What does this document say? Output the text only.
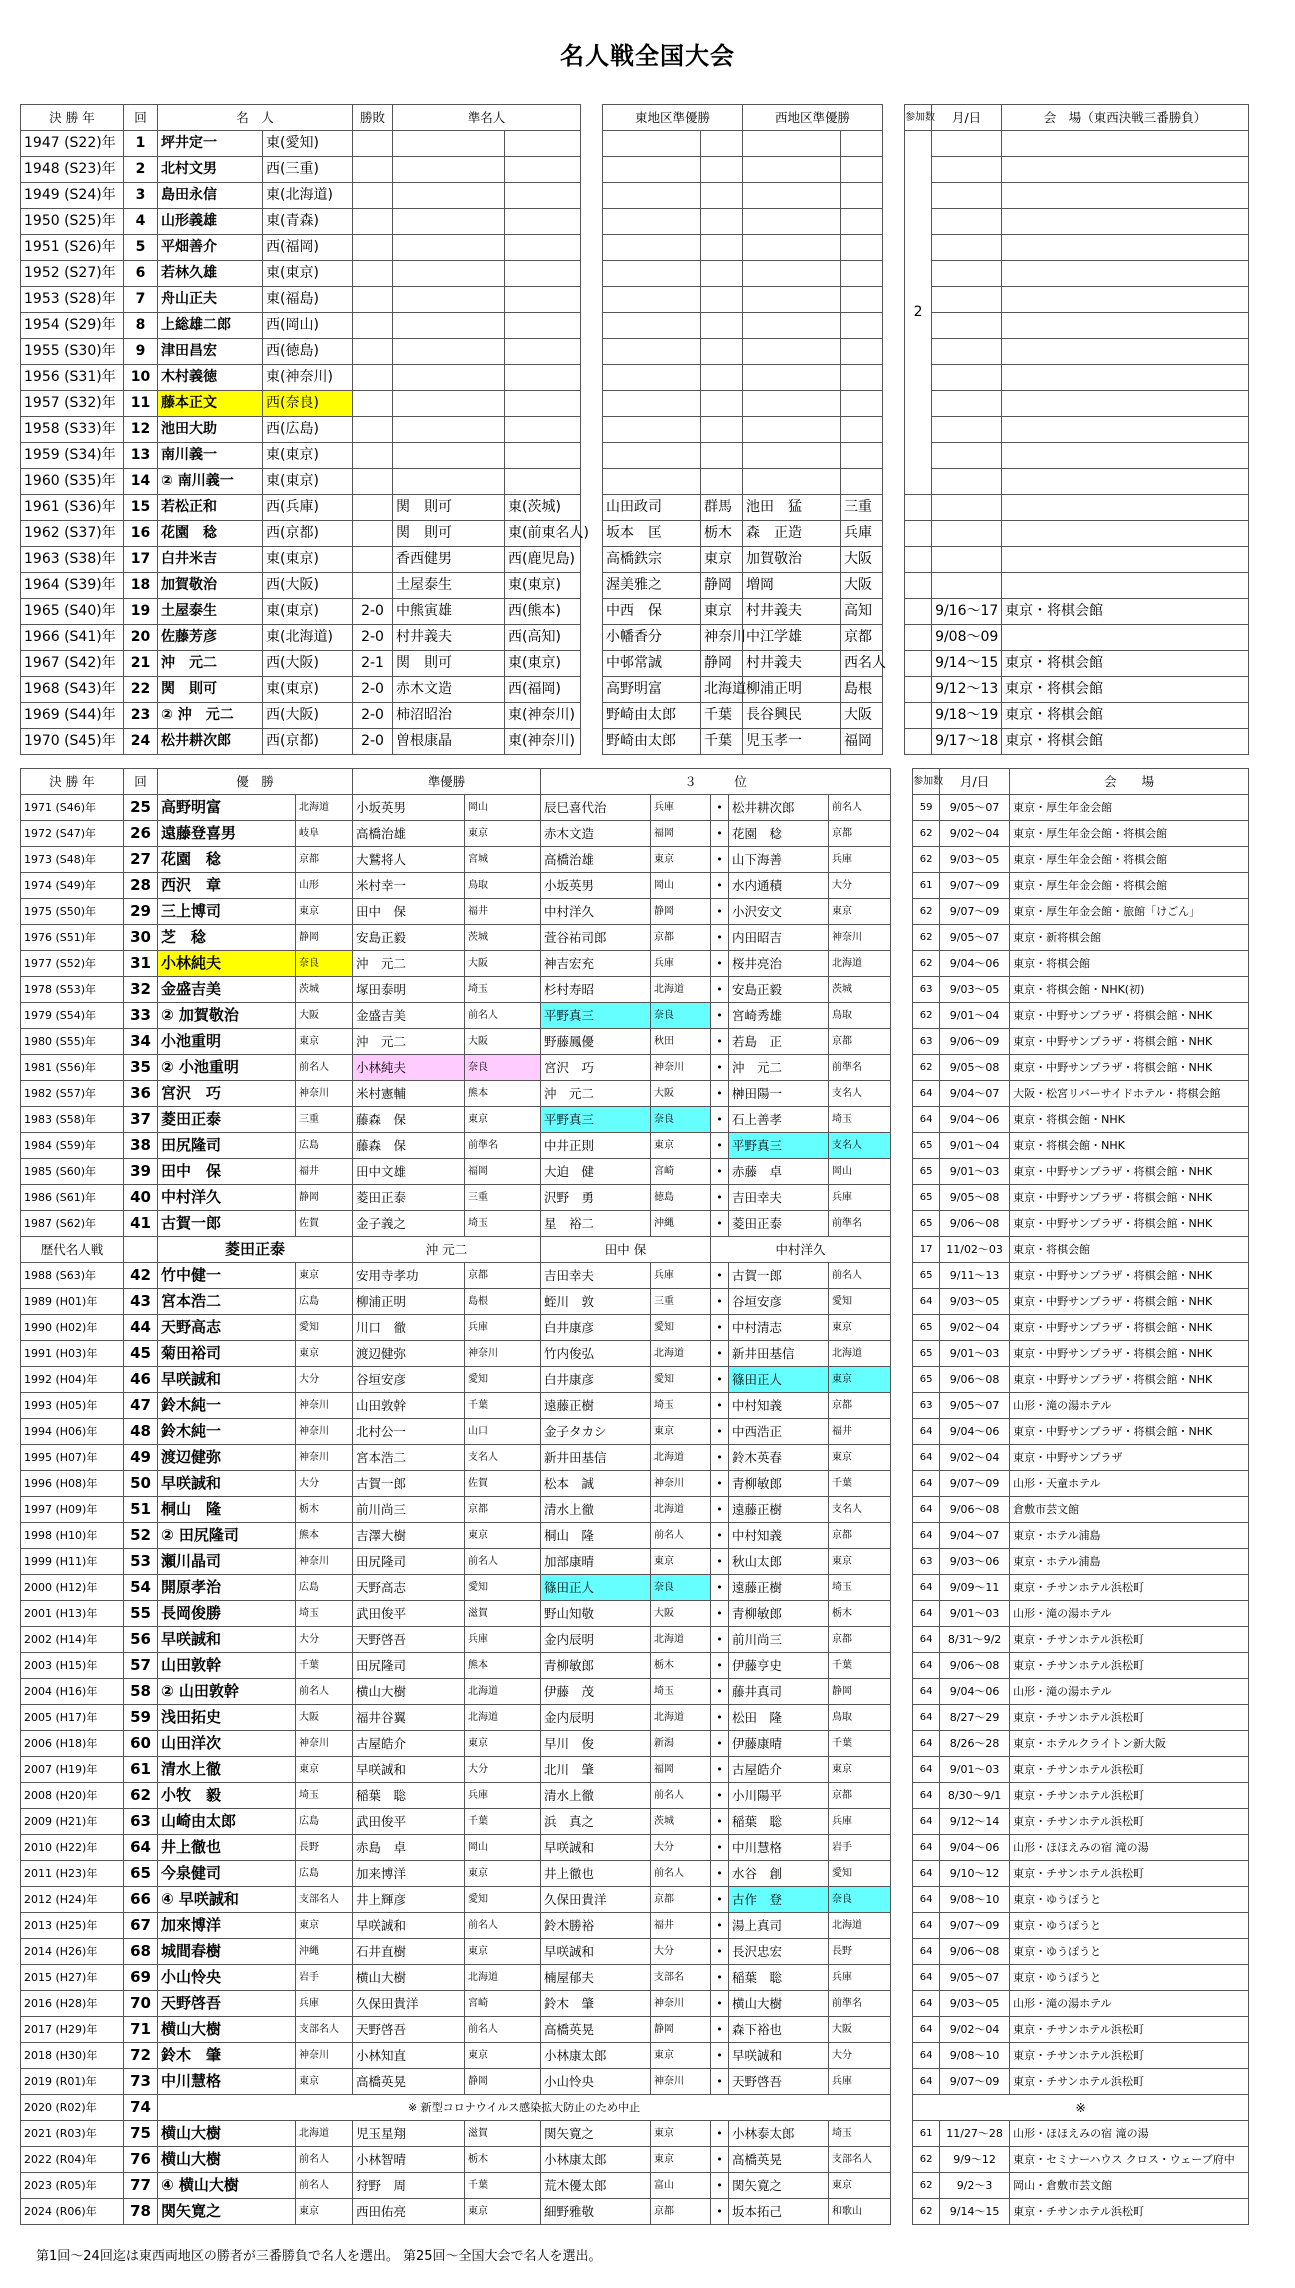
名人戦全国大会
決 勝 年	回	名　人		勝敗	準名人			東地区準優勝		西地区準優勝			参加数	月/日	会　場（東西決戦三番勝負）
1947 (S22)年	1	坪井定一	東(愛知)										2		
1948 (S23)年	2	北村文男	西(三重)												
1949 (S24)年	3	島田永信	東(北海道)												
1950 (S25)年	4	山形義雄	東(青森)												
1951 (S26)年	5	平畑善介	西(福岡)												
1952 (S27)年	6	若林久雄	東(東京)												
1953 (S28)年	7	舟山正夫	東(福島)												
1954 (S29)年	8	上総雄二郎	西(岡山)												
1955 (S30)年	9	津田昌宏	西(徳島)												
1956 (S31)年	10	木村義徳	東(神奈川)												
1957 (S32)年	11	藤本正文	西(奈良)												
1958 (S33)年	12	池田大助	西(広島)												
1959 (S34)年	13	南川義一	東(東京)												
1960 (S35)年	14	② 南川義一	東(東京)												
1961 (S36)年	15	若松正和	西(兵庫)		関　則可	東(茨城)		山田政司	群馬	池田　猛	三重				
1962 (S37)年	16	花園　稔	西(京都)		関　則可	東(前東名人)		坂本　匡	栃木	森　正造	兵庫				
1963 (S38)年	17	白井米吉	東(東京)		香西健男	西(鹿児島)		高橋鉄宗	東京	加賀敬治	大阪				
1964 (S39)年	18	加賀敬治	西(大阪)		土屋泰生	東(東京)		渥美雅之	静岡	増岡	大阪				
1965 (S40)年	19	土屋泰生	東(東京)	2-0	中熊寅雄	西(熊本)		中西　保	東京	村井義夫	高知			9/16～17	東京・将棋会館
1966 (S41)年	20	佐藤芳彦	東(北海道)	2-0	村井義夫	西(高知)		小幡香分	神奈川	中江学雄	京都			9/08～09	
1967 (S42)年	21	沖　元二	西(大阪)	2-1	関　則可	東(東京)		中邨常誠	静岡	村井義夫	西名人			9/14～15	東京・将棋会館
1968 (S43)年	22	関　則可	東(東京)	2-0	赤木文造	西(福岡)		高野明富	北海道	柳浦正明	島根			9/12～13	東京・将棋会館
1969 (S44)年	23	② 沖　元二	西(大阪)	2-0	柿沼昭治	東(神奈川)		野崎由太郎	千葉	長谷興民	大阪			9/18～19	東京・将棋会館
1970 (S45)年	24	松井耕次郎	西(京都)	2-0	曽根康晶	東(神奈川)		野崎由太郎	千葉	児玉孝一	福岡			9/17～18	東京・将棋会館
決 勝 年	回	優　勝		準優勝		３　　　位						参加数	月/日	会　　場
1971 (S46)年	25	高野明富	北海道	小坂英男	岡山	辰巳喜代治	兵庫	•	松井耕次郎	前名人		59	9/05～07	東京・厚生年金会館
1972 (S47)年	26	遠藤登喜男	岐阜	高橋治雄	東京	赤木文造	福岡	•	花園　稔	京都		62	9/02～04	東京・厚生年金会館・将棋会館
1973 (S48)年	27	花園　稔	京都	大鷲将人	宮城	高橋治雄	東京	•	山下海善	兵庫		62	9/03～05	東京・厚生年金会館・将棋会館
1974 (S49)年	28	西沢　章	山形	米村幸一	鳥取	小坂英男	岡山	•	水内通積	大分		61	9/07～09	東京・厚生年金会館・将棋会館
1975 (S50)年	29	三上博司	東京	田中　保	福井	中村洋久	静岡	•	小沢安文	東京		62	9/07～09	東京・厚生年金会館・旅館「けごん」
1976 (S51)年	30	芝　稔	静岡	安島正毅	茨城	萱谷祐司郎	京都	•	内田昭吉	神奈川		62	9/05～07	東京・新将棋会館
1977 (S52)年	31	小林純夫	奈良	沖　元二	大阪	神吉宏充	兵庫	•	桜井亮治	北海道		62	9/04～06	東京・将棋会館
1978 (S53)年	32	金盛吉美	茨城	塚田泰明	埼玉	杉村寿昭	北海道	•	安島正毅	茨城		63	9/03～05	東京・将棋会館・NHK(初)
1979 (S54)年	33	② 加賀敬治	大阪	金盛吉美	前名人	平野真三	奈良	•	宮崎秀雄	鳥取		62	9/01～04	東京・中野サンプラザ・将棋会館・NHK
1980 (S55)年	34	小池重明	東京	沖　元二	大阪	野藤鳳優	秋田	•	若島　正	京都		63	9/06～09	東京・中野サンプラザ・将棋会館・NHK
1981 (S56)年	35	② 小池重明	前名人	小林純夫	奈良	宮沢　巧	神奈川	•	沖　元二	前準名		62	9/05～08	東京・中野サンプラザ・将棋会館・NHK
1982 (S57)年	36	宮沢　巧	神奈川	米村憲輔	熊本	沖　元二	大阪	•	榊田陽一	支名人		64	9/04～07	大阪・松宮リバーサイドホテル・将棋会館
1983 (S58)年	37	菱田正泰	三重	藤森　保	東京	平野真三	奈良	•	石上善孝	埼玉		64	9/04～06	東京・将棋会館・NHK
1984 (S59)年	38	田尻隆司	広島	藤森　保	前準名	中井正則	東京	•	平野真三	支名人		65	9/01～04	東京・将棋会館・NHK
1985 (S60)年	39	田中　保	福井	田中文雄	福岡	大迫　健	宮崎	•	赤藤　卓	岡山		65	9/01～03	東京・中野サンプラザ・将棋会館・NHK
1986 (S61)年	40	中村洋久	静岡	菱田正泰	三重	沢野　勇	徳島	•	吉田幸夫	兵庫		65	9/05～08	東京・中野サンプラザ・将棋会館・NHK
1987 (S62)年	41	古賀一郎	佐賀	金子義之	埼玉	星　裕二	沖縄	•	菱田正泰	前準名		65	9/06～08	東京・中野サンプラザ・将棋会館・NHK
歴代名人戦		菱田正泰		沖 元二		田中 保		中村洋久				17	11/02～03	東京・将棋会館
1988 (S63)年	42	竹中健一	東京	安用寺孝功	京都	吉田幸夫	兵庫	•	古賀一郎	前名人		65	9/11～13	東京・中野サンプラザ・将棋会館・NHK
1989 (H01)年	43	宮本浩二	広島	柳浦正明	島根	蛭川　敦	三重	•	谷垣安彦	愛知		64	9/03～05	東京・中野サンプラザ・将棋会館・NHK
1990 (H02)年	44	天野高志	愛知	川口　徹	兵庫	白井康彦	愛知	•	中村清志	東京		65	9/02～04	東京・中野サンプラザ・将棋会館・NHK
1991 (H03)年	45	菊田裕司	東京	渡辺健弥	神奈川	竹内俊弘	北海道	•	新井田基信	北海道		65	9/01～03	東京・中野サンプラザ・将棋会館・NHK
1992 (H04)年	46	早咲誠和	大分	谷垣安彦	愛知	白井康彦	愛知	•	篠田正人	東京		65	9/06～08	東京・中野サンプラザ・将棋会館・NHK
1993 (H05)年	47	鈴木純一	神奈川	山田敦幹	千葉	遠藤正樹	埼玉	•	中村知義	京都		63	9/05～07	山形・滝の湯ホテル
1994 (H06)年	48	鈴木純一	神奈川	北村公一	山口	金子タカシ	東京	•	中西浩正	福井		64	9/04～06	東京・中野サンプラザ・将棋会館・NHK
1995 (H07)年	49	渡辺健弥	神奈川	宮本浩二	支名人	新井田基信	北海道	•	鈴木英春	東京		64	9/02～04	東京・中野サンプラザ
1996 (H08)年	50	早咲誠和	大分	古賀一郎	佐賀	松本　誠	神奈川	•	青柳敏郎	千葉		64	9/07～09	山形・天童ホテル
1997 (H09)年	51	桐山　隆	栃木	前川尚三	京都	清水上徹	北海道	•	遠藤正樹	支名人		64	9/06～08	倉敷市芸文館
1998 (H10)年	52	② 田尻隆司	熊本	吉澤大樹	東京	桐山　隆	前名人	•	中村知義	京都		64	9/04～07	東京・ホテル浦島
1999 (H11)年	53	瀬川晶司	神奈川	田尻隆司	前名人	加部康晴	東京	•	秋山太郎	東京		63	9/03～06	東京・ホテル浦島
2000 (H12)年	54	開原孝治	広島	天野高志	愛知	篠田正人	奈良	•	遠藤正樹	埼玉		64	9/09～11	東京・チサンホテル浜松町
2001 (H13)年	55	長岡俊勝	埼玉	武田俊平	滋賀	野山知敬	大阪	•	青柳敏郎	栃木		64	9/01～03	山形・滝の湯ホテル
2002 (H14)年	56	早咲誠和	大分	天野啓吾	兵庫	金内辰明	北海道	•	前川尚三	京都		64	8/31～9/2	東京・チサンホテル浜松町
2003 (H15)年	57	山田敦幹	千葉	田尻隆司	熊本	青柳敏郎	栃木	•	伊藤亨史	千葉		64	9/06～08	東京・チサンホテル浜松町
2004 (H16)年	58	② 山田敦幹	前名人	横山大樹	北海道	伊藤　茂	埼玉	•	藤井真司	静岡		64	9/04～06	山形・滝の湯ホテル
2005 (H17)年	59	浅田拓史	大阪	福井谷翼	北海道	金内辰明	北海道	•	松田　隆	鳥取		64	8/27～29	東京・チサンホテル浜松町
2006 (H18)年	60	山田洋次	神奈川	古屋皓介	東京	早川　俊	新潟	•	伊藤康晴	千葉		64	8/26～28	東京・ホテルクライトン新大阪
2007 (H19)年	61	清水上徹	東京	早咲誠和	大分	北川　肇	福岡	•	古屋皓介	東京		64	9/01～03	東京・チサンホテル浜松町
2008 (H20)年	62	小牧　毅	埼玉	稲葉　聡	兵庫	清水上徹	前名人	•	小川陽平	京都		64	8/30～9/1	東京・チサンホテル浜松町
2009 (H21)年	63	山崎由太郎	広島	武田俊平	千葉	浜　真之	茨城	•	稲葉　聡	兵庫		64	9/12～14	東京・チサンホテル浜松町
2010 (H22)年	64	井上徹也	長野	赤島　卓	岡山	早咲誠和	大分	•	中川慧格	岩手		64	9/04～06	山形・ほほえみの宿 滝の湯
2011 (H23)年	65	今泉健司	広島	加来博洋	東京	井上徹也	前名人	•	水谷　創	愛知		64	9/10～12	東京・チサンホテル浜松町
2012 (H24)年	66	④ 早咲誠和	支部名人	井上輝彦	愛知	久保田貴洋	京都	•	古作　登	奈良		64	9/08～10	東京・ゆうぽうと
2013 (H25)年	67	加來博洋	東京	早咲誠和	前名人	鈴木勝裕	福井	•	湯上真司	北海道		64	9/07～09	東京・ゆうぽうと
2014 (H26)年	68	城間春樹	沖縄	石井直樹	東京	早咲誠和	大分	•	長沢忠宏	長野		64	9/06～08	東京・ゆうぽうと
2015 (H27)年	69	小山怜央	岩手	横山大樹	北海道	楠屋郁夫	支部名	•	稲葉　聡	兵庫		64	9/05～07	東京・ゆうぽうと
2016 (H28)年	70	天野啓吾	兵庫	久保田貴洋	宮崎	鈴木　肇	神奈川	•	横山大樹	前準名		64	9/03～05	山形・滝の湯ホテル
2017 (H29)年	71	横山大樹	支部名人	天野啓吾	前名人	高橋英晃	静岡	•	森下裕也	大阪		64	9/02～04	東京・チサンホテル浜松町
2018 (H30)年	72	鈴木　肇	神奈川	小林知直	東京	小林康太郎	東京	•	早咲誠和	大分		64	9/08～10	東京・チサンホテル浜松町
2019 (R01)年	73	中川慧格	東京	高橋英晃	静岡	小山怜央	神奈川	•	天野啓吾	兵庫		64	9/07～09	東京・チサンホテル浜松町
2020 (R02)年	74	※ 新型コロナウイルス感染拡大防止のため中止										※		
2021 (R03)年	75	横山大樹	北海道	児玉星翔	滋賀	関矢寛之	東京	•	小林泰太郎	埼玉		61	11/27～28	山形・ほほえみの宿 滝の湯
2022 (R04)年	76	横山大樹	前名人	小林智晴	栃木	小林康太郎	東京	•	高橋英晃	支部名人		62	9/9～12	東京・セミナーハウス クロス・ウェーブ府中
2023 (R05)年	77	④ 横山大樹	前名人	狩野　周	千葉	荒木優太郎	富山	•	関矢寛之	東京		62	9/2～3	岡山・倉敷市芸文館
2024 (R06)年	78	関矢寛之	東京	西田佑亮	東京	細野雅敬	京都	•	坂本拓己	和歌山		62	9/14～15	東京・チサンホテル浜松町
第1回～24回迄は東西両地区の勝者が三番勝負で名人を選出。 第25回～全国大会で名人を選出。
